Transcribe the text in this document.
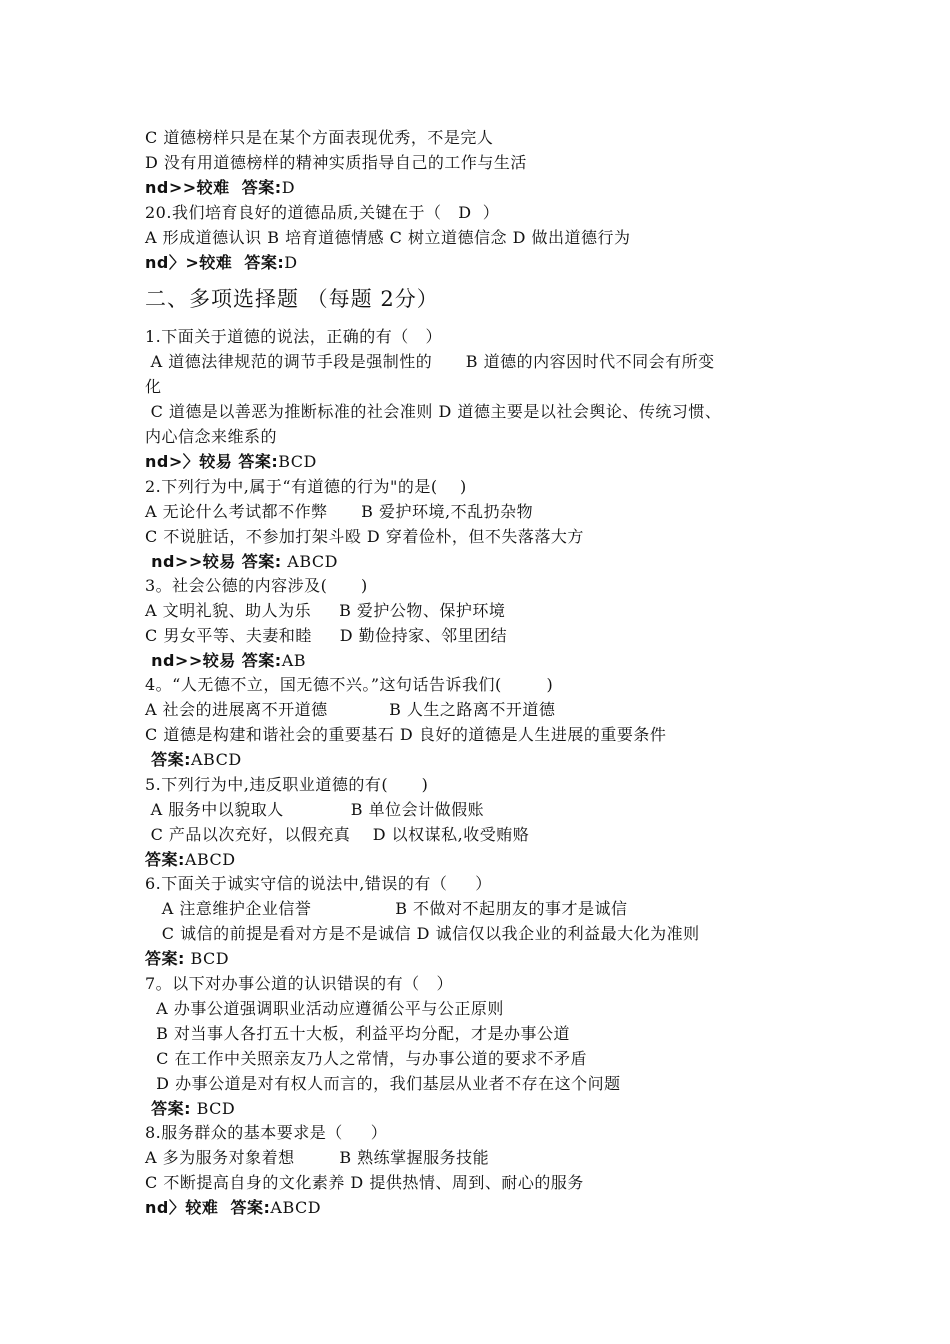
C 道德榜样只是在某个方面表现优秀，不是完人
D 没有用道德榜样的精神实质指导自己的工作与生活
nd>>较难  答案:D
20.我们培育良好的道德品质,关键在于（   D  ）
A 形成道德认识 B 培育道德情感 C 树立道德信念 D 做出道德行为
nd〉>较难  答案:D
二、多项选择题 （每题 2分）
1.下面关于道德的说法，正确的有（   ）
A 道德法律规范的调节手段是强制性的      B 道德的内容因时代不同会有所变
化
C 道德是以善恶为推断标准的社会准则 D 道德主要是以社会舆论、传统习惯、
内心信念来维系的
nd>〉较易 答案:BCD
2.下列行为中,属于“有道德的行为"的是(    )
A 无论什么考试都不作弊      B 爱护环境,不乱扔杂物
C 不说脏话，不参加打架斗殴 D 穿着俭朴，但不失落落大方
nd>>较易 答案: ABCD
3。社会公德的内容涉及(      )
A 文明礼貌、助人为乐     B 爱护公物、保护环境
C 男女平等、夫妻和睦     D 勤俭持家、邻里团结
nd>>较易 答案:AB
4。“人无德不立，国无德不兴。”这句话告诉我们(        )
A 社会的进展离不开道德           B 人生之路离不开道德
C 道德是构建和谐社会的重要基石 D 良好的道德是人生进展的重要条件
答案:ABCD
5.下列行为中,违反职业道德的有(      )
A 服务中以貌取人            B 单位会计做假账
C 产品以次充好，以假充真    D 以权谋私,收受贿赂
答案:ABCD
6.下面关于诚实守信的说法中,错误的有（     ）
A 注意维护企业信誉               B 不做对不起朋友的事才是诚信
C 诚信的前提是看对方是不是诚信 D 诚信仅以我企业的利益最大化为准则
答案: BCD
7。以下对办事公道的认识错误的有（   ）
A 办事公道强调职业活动应遵循公平与公正原则
B 对当事人各打五十大板，利益平均分配，才是办事公道
C 在工作中关照亲友乃人之常情，与办事公道的要求不矛盾
D 办事公道是对有权人而言的，我们基层从业者不存在这个问题
答案: BCD
8.服务群众的基本要求是（     ）
A 多为服务对象着想        B 熟练掌握服务技能
C 不断提高自身的文化素养 D 提供热情、周到、耐心的服务
nd〉较难  答案:ABCD
